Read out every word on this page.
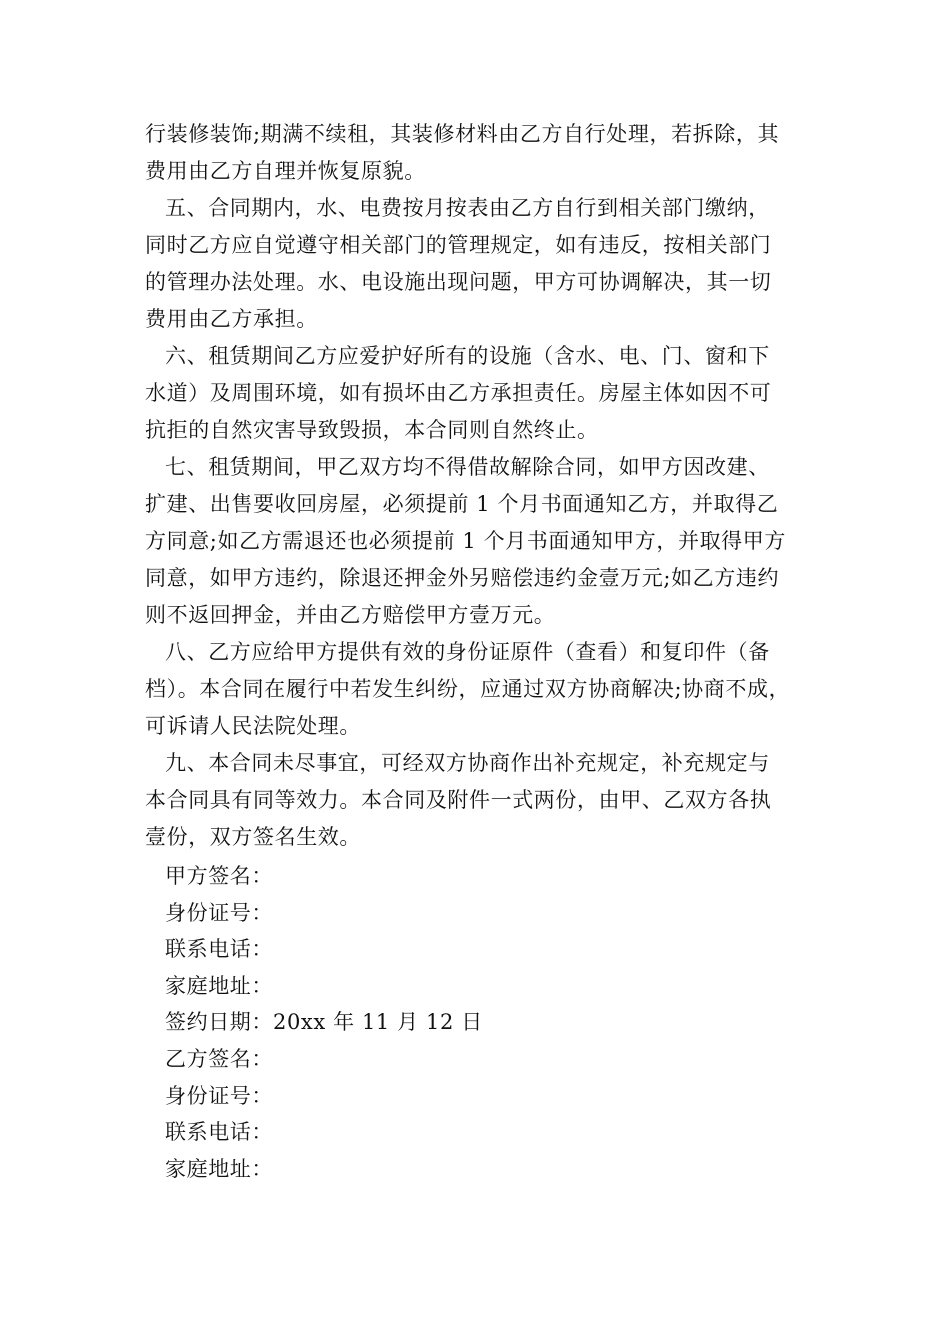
行装修装饰;期满不续租，其装修材料由乙方自行处理，若拆除，其
费用由乙方自理并恢复原貌。
五、合同期内，水、电费按月按表由乙方自行到相关部门缴纳，
同时乙方应自觉遵守相关部门的管理规定，如有违反，按相关部门
的管理办法处理。水、电设施出现问题，甲方可协调解决，其一切
费用由乙方承担。
六、租赁期间乙方应爱护好所有的设施（含水、电、门、窗和下
水道）及周围环境，如有损坏由乙方承担责任。房屋主体如因不可
抗拒的自然灾害导致毁损，本合同则自然终止。
七、租赁期间，甲乙双方均不得借故解除合同，如甲方因改建、
扩建、出售要收回房屋，必须提前 1 个月书面通知乙方，并取得乙
方同意;如乙方需退还也必须提前 1 个月书面通知甲方，并取得甲方
同意，如甲方违约，除退还押金外另赔偿违约金壹万元;如乙方违约
则不返回押金，并由乙方赔偿甲方壹万元。
八、乙方应给甲方提供有效的身份证原件（查看）和复印件（备
档）。本合同在履行中若发生纠纷，应通过双方协商解决;协商不成，
可诉请人民法院处理。
九、本合同未尽事宜，可经双方协商作出补充规定，补充规定与
本合同具有同等效力。本合同及附件一式两份，由甲、乙双方各执
壹份，双方签名生效。
甲方签名：
身份证号：
联系电话：
家庭地址：
签约日期：20xx 年 11 月 12 日
乙方签名：
身份证号：
联系电话：
家庭地址：
